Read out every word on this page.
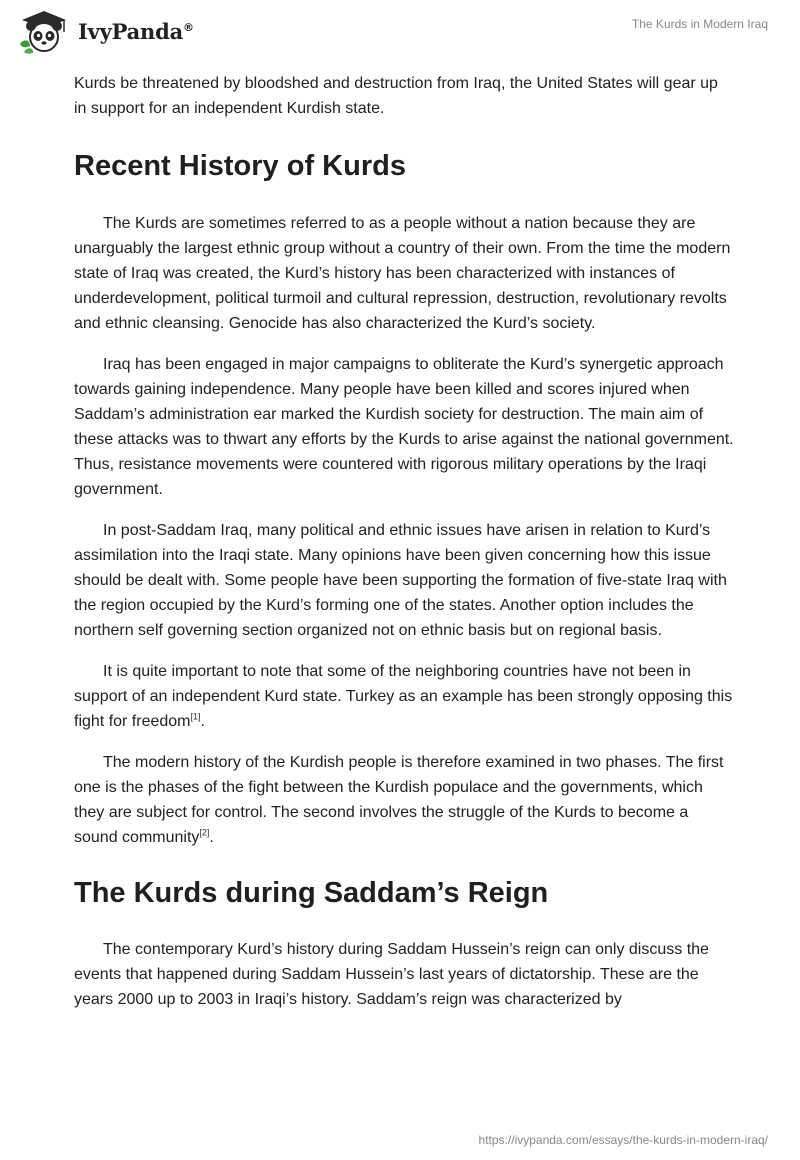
IvyPanda®	The Kurds in Modern Iraq

Kurds be threatened by bloodshed and destruction from Iraq, the United States will gear up in support for an independent Kurdish state.

Recent History of Kurds

The Kurds are sometimes referred to as a people without a nation because they are unarguably the largest ethnic group without a country of their own. From the time the modern state of Iraq was created, the Kurd’s history has been characterized with instances of underdevelopment, political turmoil and cultural repression, destruction, revolutionary revolts and ethnic cleansing. Genocide has also characterized the Kurd’s society.

Iraq has been engaged in major campaigns to obliterate the Kurd’s synergetic approach towards gaining independence. Many people have been killed and scores injured when Saddam’s administration ear marked the Kurdish society for destruction. The main aim of these attacks was to thwart any efforts by the Kurds to arise against the national government. Thus, resistance movements were countered with rigorous military operations by the Iraqi government.

In post-Saddam Iraq, many political and ethnic issues have arisen in relation to Kurd’s assimilation into the Iraqi state. Many opinions have been given concerning how this issue should be dealt with. Some people have been supporting the formation of five-state Iraq with the region occupied by the Kurd’s forming one of the states. Another option includes the northern self governing section organized not on ethnic basis but on regional basis.

It is quite important to note that some of the neighboring countries have not been in support of an independent Kurd state. Turkey as an example has been strongly opposing this fight for freedom[1].

The modern history of the Kurdish people is therefore examined in two phases. The first one is the phases of the fight between the Kurdish populace and the governments, which they are subject for control. The second involves the struggle of the Kurds to become a sound community[2].

The Kurds during Saddam’s Reign

The contemporary Kurd’s history during Saddam Hussein’s reign can only discuss the events that happened during Saddam Hussein’s last years of dictatorship. These are the years 2000 up to 2003 in Iraqi’s history. Saddam’s reign was characterized by

https://ivypanda.com/essays/the-kurds-in-modern-iraq/
